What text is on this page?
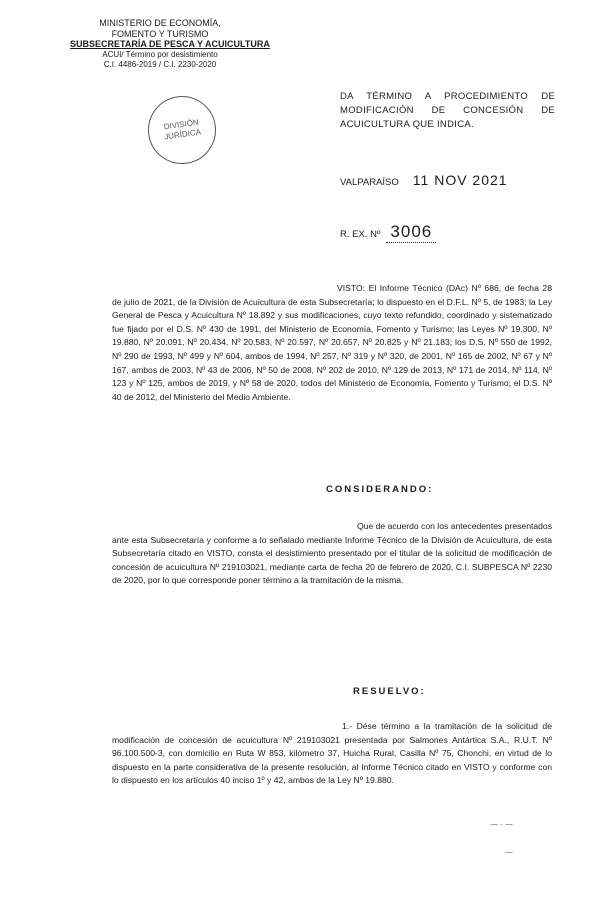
MINISTERIO DE ECONOMÍA,
FOMENTO Y TURISMO
SUBSECRETARÍA DE PESCA Y ACUICULTURA
ACUI/ Término por desistimiento
C.I. 4486-2019 / C.I. 2230-2020
DIVISIÓN
JURÍDICA
DA TÉRMINO A PROCEDIMIENTO DE MODIFICACIÓN DE CONCESIÓN DE ACUICULTURA QUE INDICA.
VALPARAÍSO 11 NOV 2021
R. EX. Nº 3006
VISTO: El Informe Técnico (DAc) Nº 686, de fecha 28 de julio de 2021, de la División de Acuicultura de esta Subsecretaría; lo dispuesto en el D.F.L. Nº 5, de 1983; la Ley General de Pesca y Acuicultura Nº 18.892 y sus modificaciones, cuyo texto refundido, coordinado y sistematizado fue fijado por el D.S. Nº 430 de 1991, del Ministerio de Economía, Fomento y Turismo; las Leyes Nº 19.300, Nº 19.880, Nº 20.091, Nº 20.434, Nº 20.583, Nº 20.597, Nº 20.657, Nº 20.825 y Nº 21.183; los D.S. Nº 550 de 1992, Nº 290 de 1993, Nº 499 y Nº 604, ambos de 1994, Nº 257, Nº 319 y Nº 320, de 2001, Nº 165 de 2002, Nº 67 y Nº 167, ambos de 2003, Nº 43 de 2006, Nº 50 de 2008, Nº 202 de 2010, Nº 129 de 2013, Nº 171 de 2014, Nº 114, Nº 123 y Nº 125, ambos de 2019, y Nº 58 de 2020, todos del Ministerio de Economía, Fomento y Turismo; el D.S. Nº 40 de 2012, del Ministerio del Medio Ambiente.
CONSIDERANDO:
Que de acuerdo con los antecedentes presentados ante esta Subsecretaría y conforme a lo señalado mediante Informe Técnico de la División de Acuicultura, de esta Subsecretaría citado en VISTO, consta el desistimiento presentado por el titular de la solicitud de modificación de concesión de acuicultura Nº 219103021, mediante carta de fecha 20 de febrero de 2020, C.I. SUBPESCA Nº 2230 de 2020, por lo que corresponde poner término a la tramitación de la misma.
RESUELVO:
1.- Dése término a la tramitación de la solicitud de modificación de concesión de acuicultura Nº 219103021 presentada por Salmones Antártica S.A., R.U.T. Nº 96.100.500-3, con domicilio en Ruta W 853, kilómetro 37, Huicha Rural, Casilla Nº 75, Chonchi, en virtud de lo dispuesto en la parte considerativa de la presente resolución, al Informe Técnico citado en VISTO y conforme con lo dispuesto en los artículos 40 inciso 1º y 42, ambos de la Ley Nº 19.880.
⁓ ‐ ⁓
⁓
